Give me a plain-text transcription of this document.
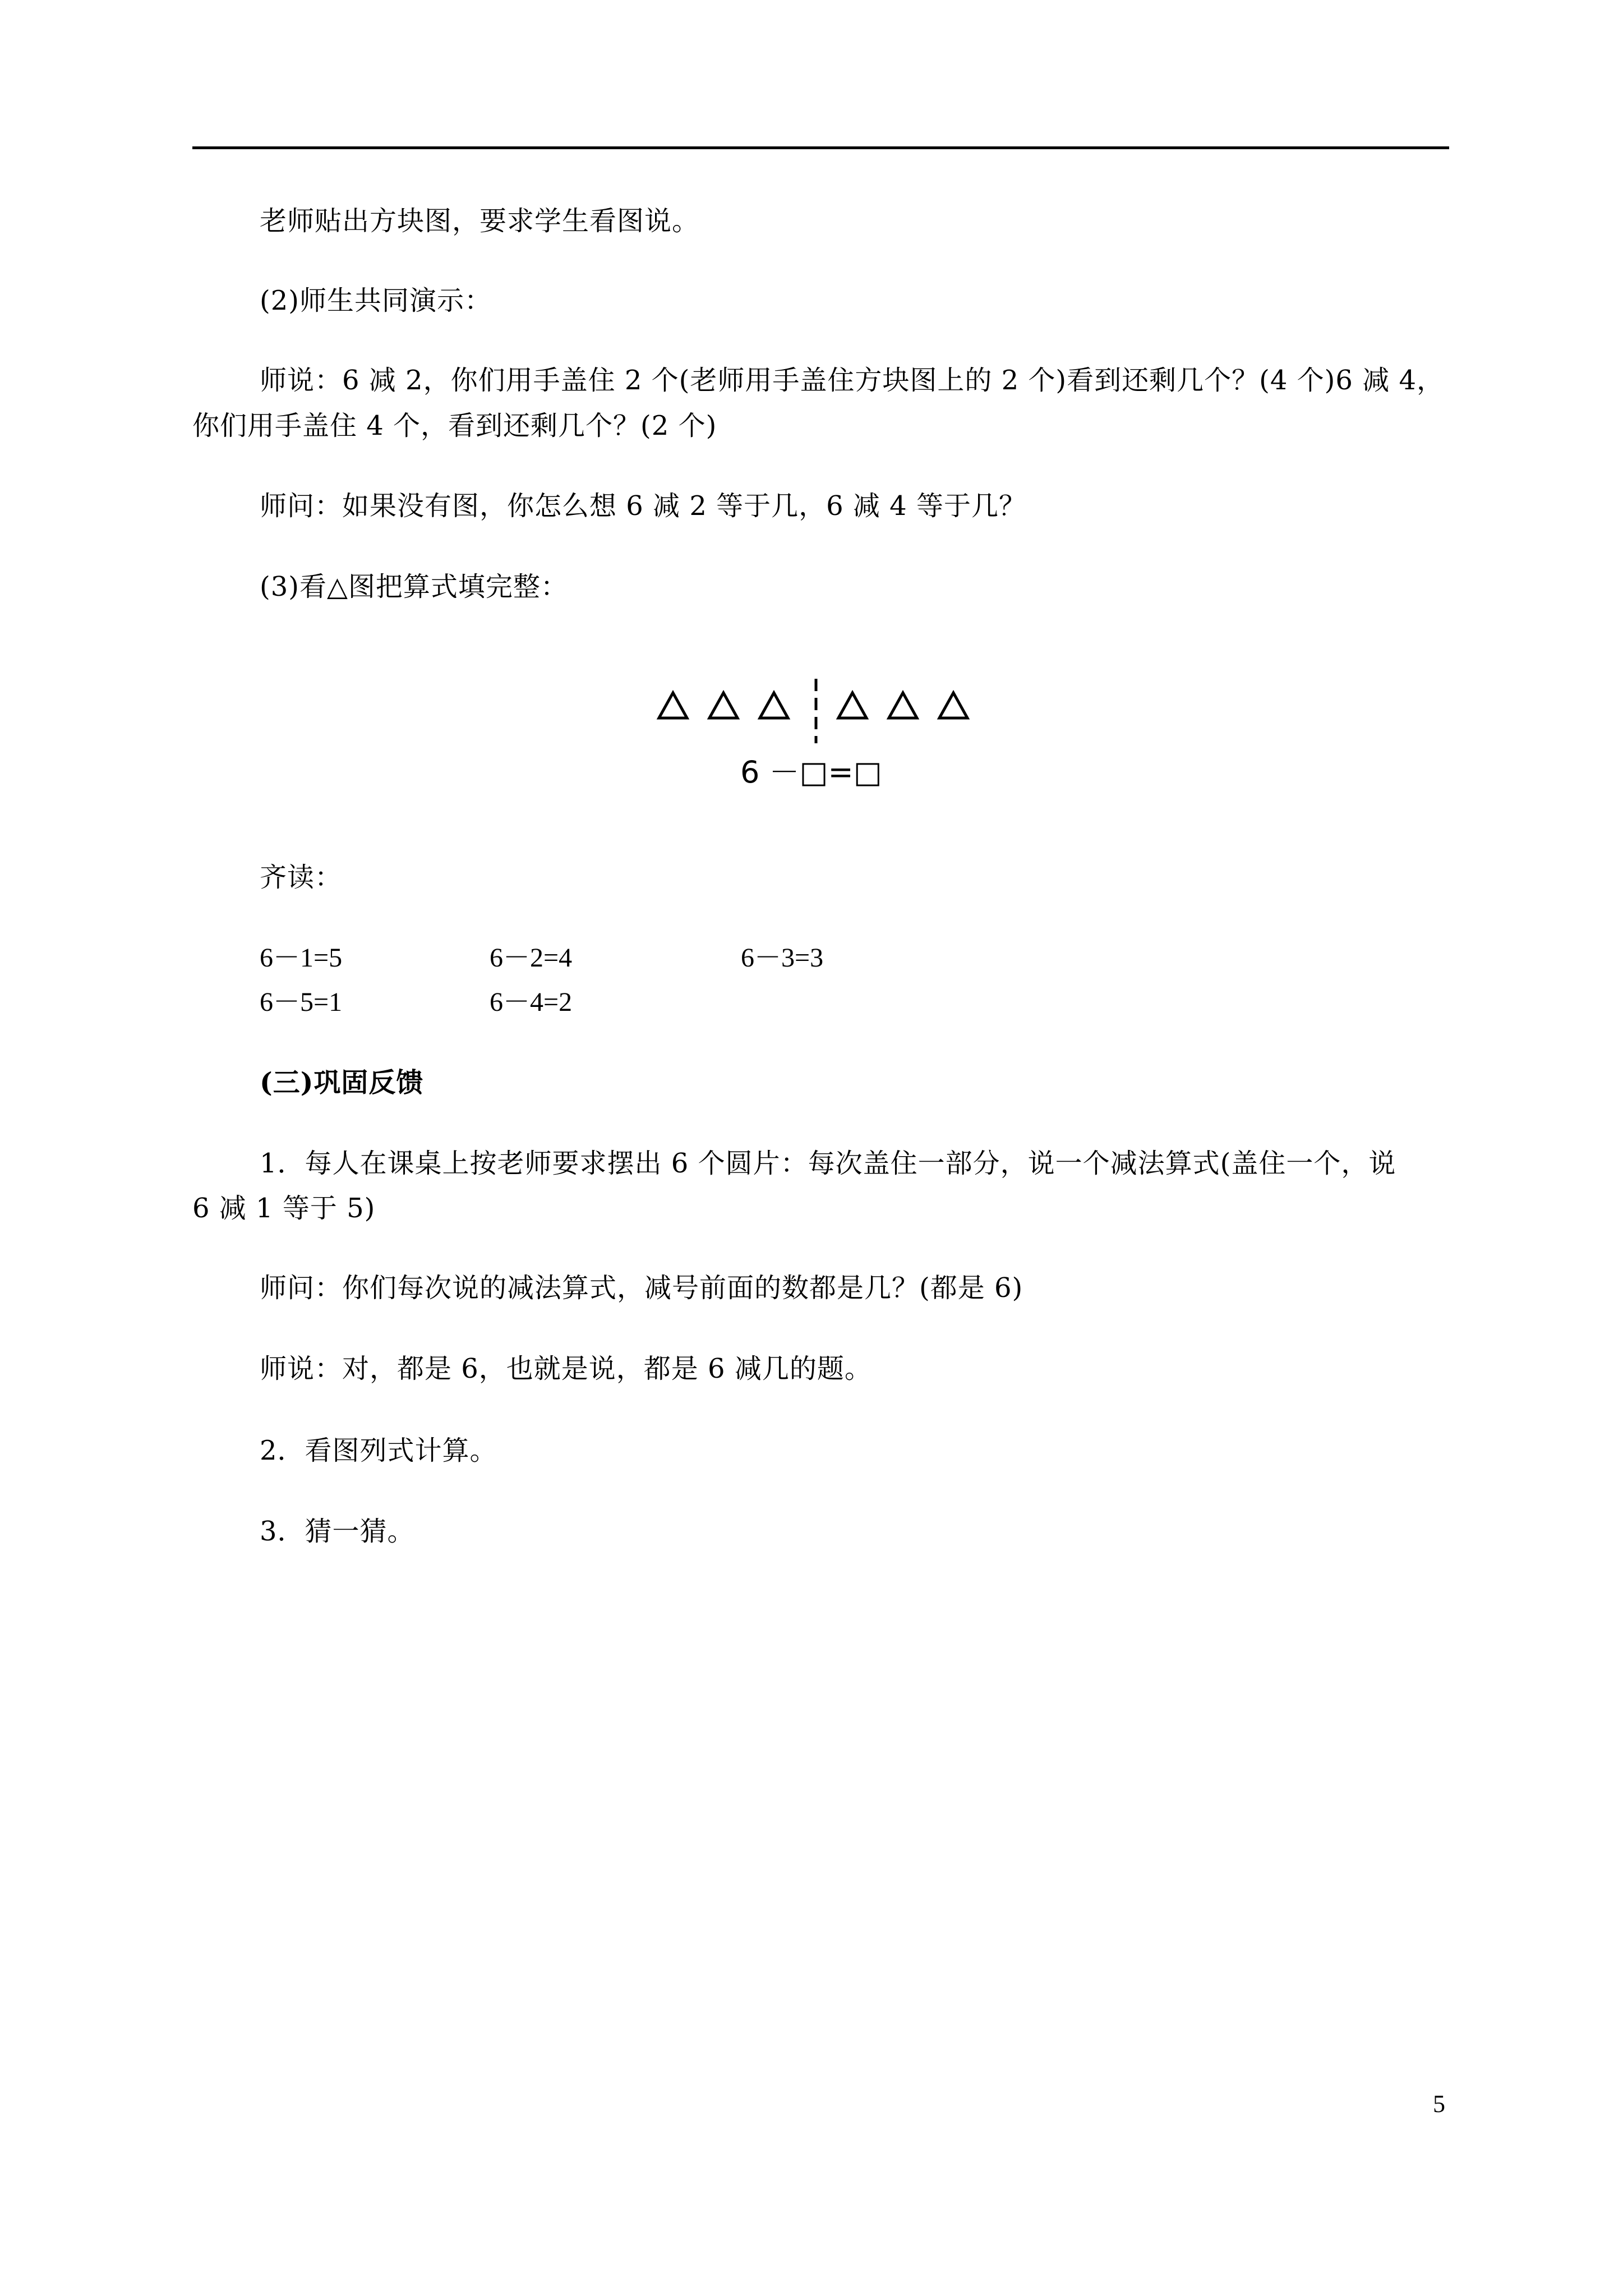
老师贴出方块图，要求学生看图说。
(2)师生共同演示：
师说：6 减 2，你们用手盖住 2 个(老师用手盖住方块图上的 2 个)看到还剩几个？(4 个)6 减 4，
你们用手盖住 4 个，看到还剩几个？(2 个)
师问：如果没有图，你怎么想 6 减 2 等于几，6 减 4 等于几？
(3)看△图把算式填完整：
6 －□=□
齐读：
6－1=5	6－2=4	6－3=3
6－5=1	6－4=2
(三)巩固反馈
1．每人在课桌上按老师要求摆出 6 个圆片：每次盖住一部分，说一个减法算式(盖住一个，说
6 减 1 等于 5)
师问：你们每次说的减法算式，减号前面的数都是几？(都是 6)
师说：对，都是 6，也就是说，都是 6 减几的题。
2．看图列式计算。
3．猜一猜。
5
